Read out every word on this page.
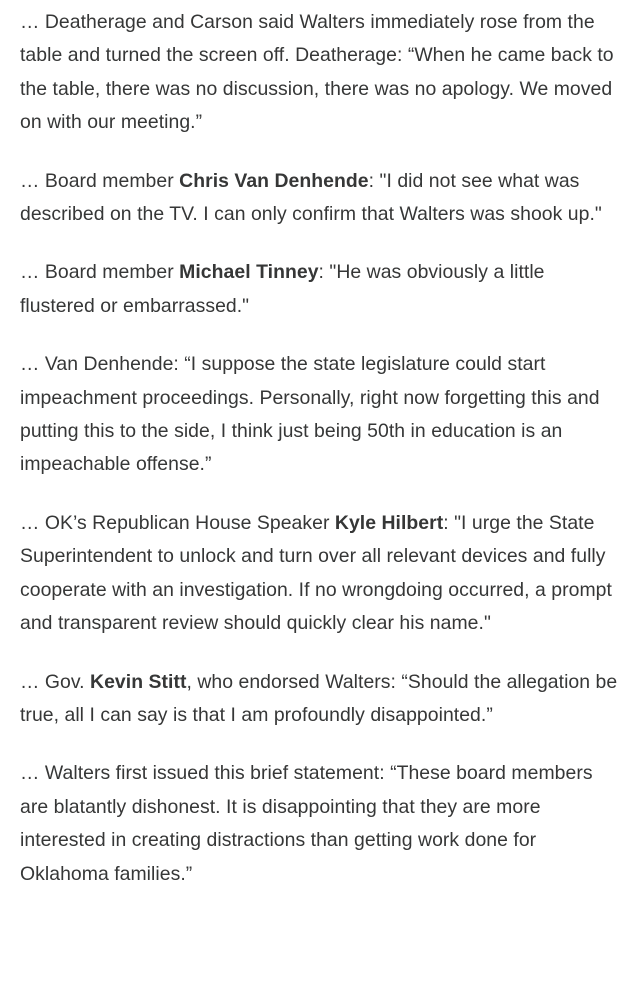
… Deatherage and Carson said Walters immediately rose from the table and turned the screen off. Deatherage: “When he came back to the table, there was no discussion, there was no apology. We moved on with our meeting.”

… Board member Chris Van Denhende: "I did not see what was described on the TV. I can only confirm that Walters was shook up."

… Board member Michael Tinney: "He was obviously a little flustered or embarrassed."

… Van Denhende: “I suppose the state legislature could start impeachment proceedings. Personally, right now forgetting this and putting this to the side, I think just being 50th in education is an impeachable offense.”

… OK’s Republican House Speaker Kyle Hilbert: "I urge the State Superintendent to unlock and turn over all relevant devices and fully cooperate with an investigation. If no wrongdoing occurred, a prompt and transparent review should quickly clear his name."

… Gov. Kevin Stitt, who endorsed Walters: “Should the allegation be true, all I can say is that I am profoundly disappointed.”

… Walters first issued this brief statement: “These board members are blatantly dishonest. It is disappointing that they are more interested in creating distractions than getting work done for Oklahoma families.”
